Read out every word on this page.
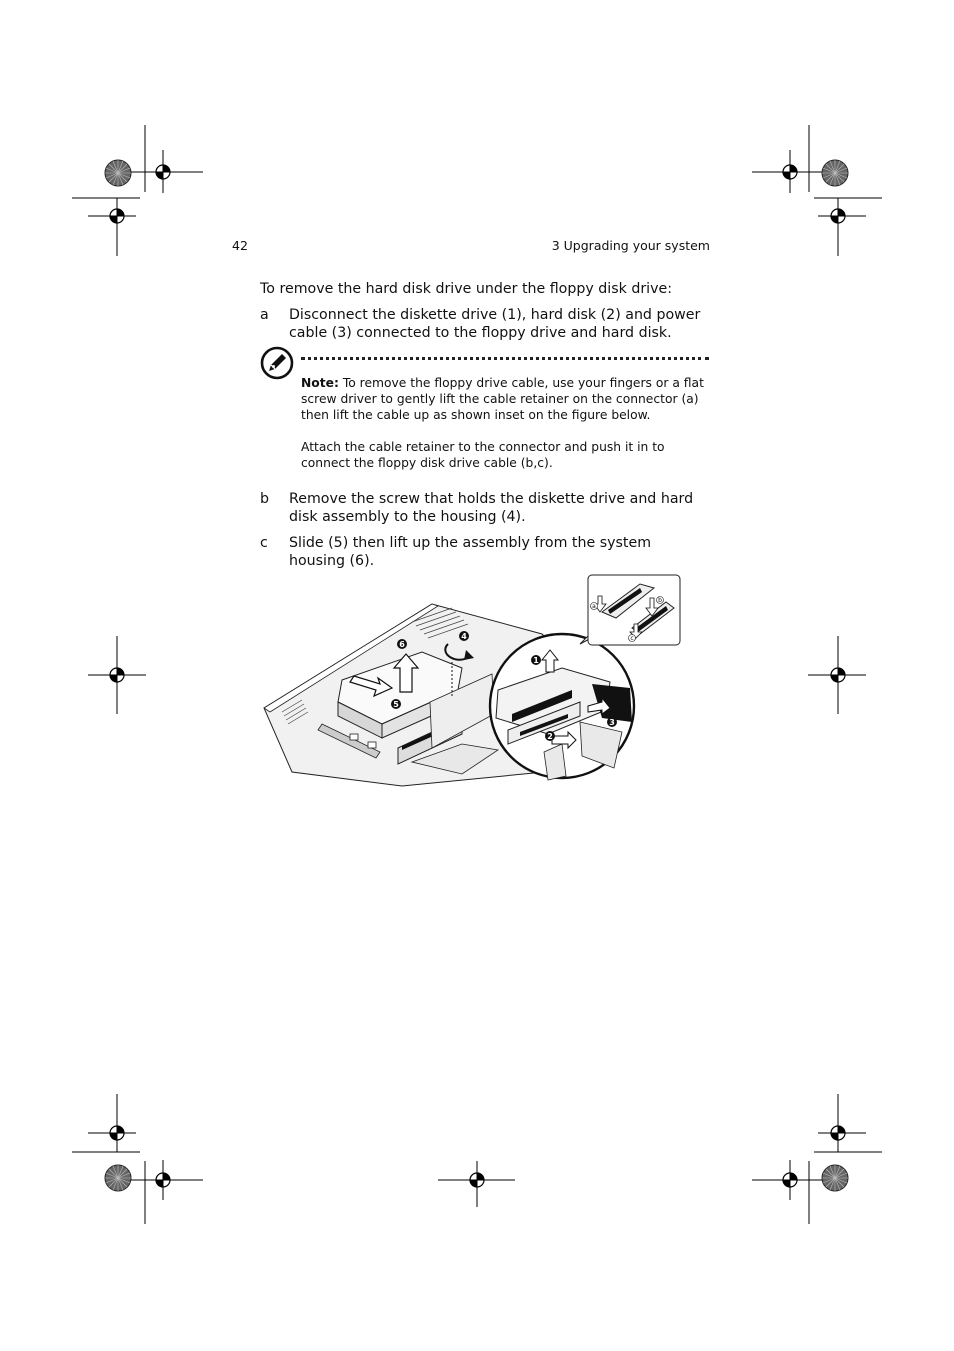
42	3 Upgrading your system
To remove the hard disk drive under the floppy disk drive:
a	Disconnect the diskette drive (1), hard disk (2) and power cable (3) connected to the floppy drive and hard disk.

Note: To remove the floppy drive cable, use your fingers or a flat screw driver to gently lift the cable retainer on the connector (a) then lift the cable up as shown inset on the figure below.

Attach the cable retainer to the connector and push it in to connect the floppy disk drive cable (b,c).

b	Remove the screw that holds the diskette drive and hard disk assembly to the housing (4).
c	Slide (5) then lift up the assembly from the system housing (6).
1
2
3
4
5
6
a
b
c
